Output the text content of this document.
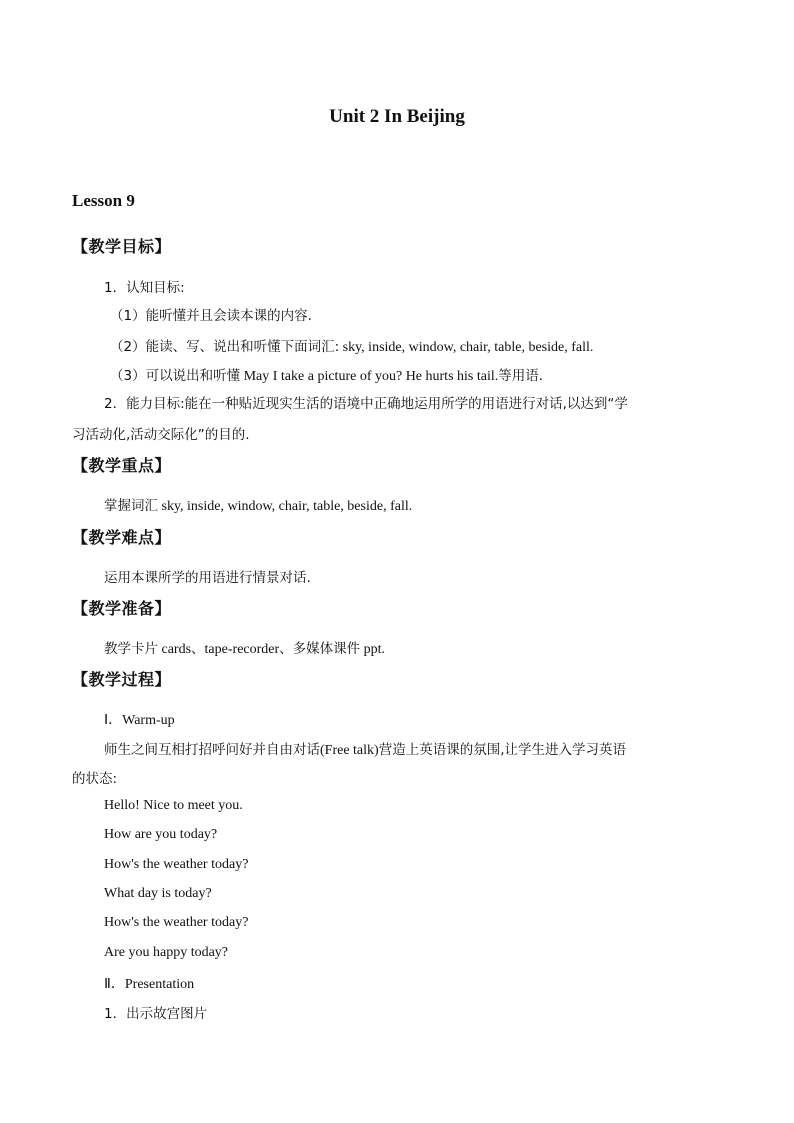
Unit 2 In Beijing
Lesson 9
【教学目标】
1．认知目标:
（1）能听懂并且会读本课的内容.
（2）能读、写、说出和听懂下面词汇: sky, inside, window, chair, table, beside, fall.
（3）可以说出和听懂 May I take a picture of you? He hurts his tail.等用语.
2．能力目标:能在一种贴近现实生活的语境中正确地运用所学的用语进行对话,以达到“学
习活动化,活动交际化”的目的.
【教学重点】
掌握词汇 sky, inside, window, chair, table, beside, fall.
【教学难点】
运用本课所学的用语进行情景对话.
【教学准备】
教学卡片 cards、tape-recorder、多媒体课件 ppt.
【教学过程】
Ⅰ．Warm-up
师生之间互相打招呼问好并自由对话(Free talk)营造上英语课的氛围,让学生进入学习英语
的状态:
Hello! Nice to meet you.
How are you today?
How's the weather today?
What day is today?
How's the weather today?
Are you happy today?
Ⅱ．Presentation
1．出示故宫图片
